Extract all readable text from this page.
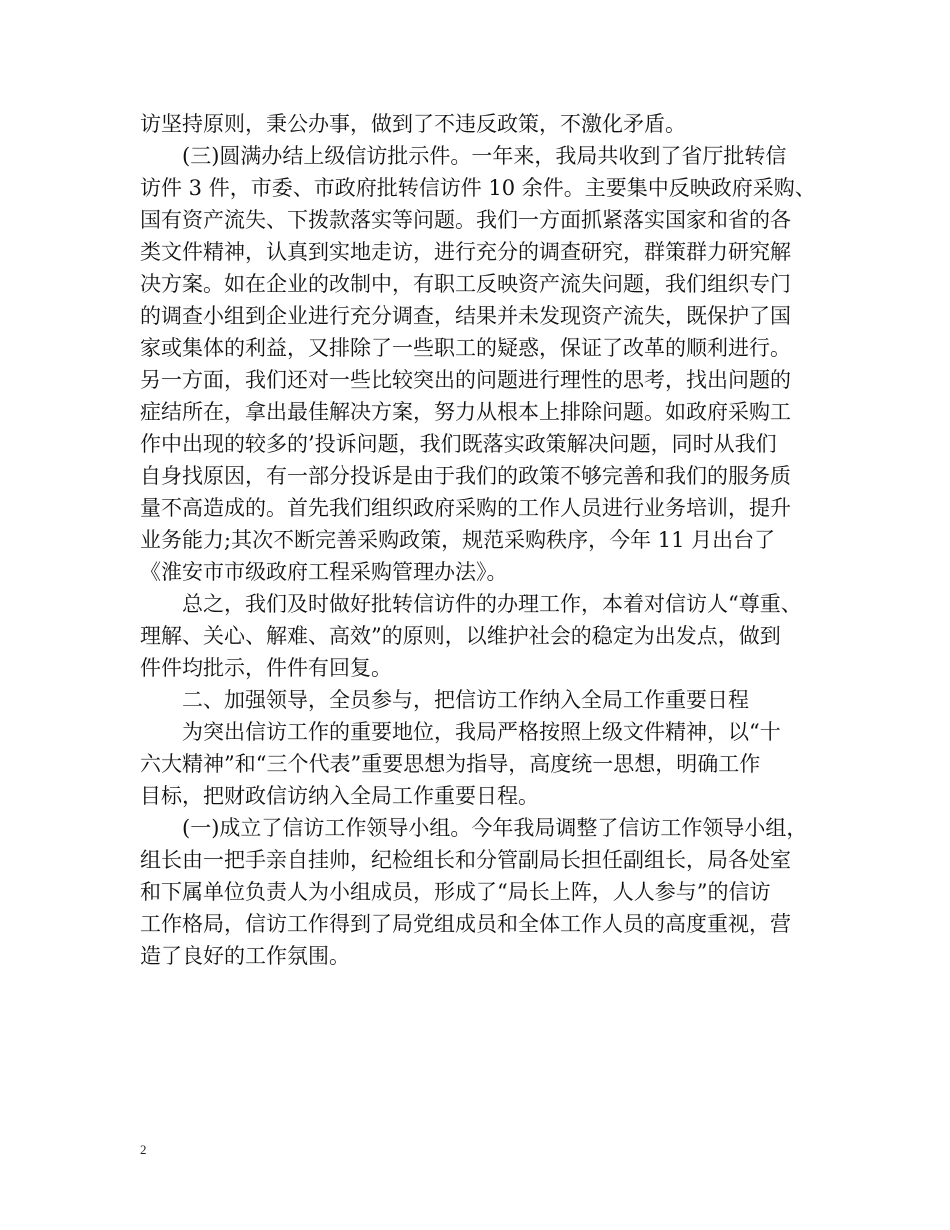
访坚持原则，秉公办事，做到了不违反政策，不激化矛盾。
(三)圆满办结上级信访批示件。一年来，我局共收到了省厅批转信
访件 3 件，市委、市政府批转信访件 10 余件。主要集中反映政府采购、
国有资产流失、下拨款落实等问题。我们一方面抓紧落实国家和省的各
类文件精神，认真到实地走访，进行充分的调查研究，群策群力研究解
决方案。如在企业的改制中，有职工反映资产流失问题，我们组织专门
的调查小组到企业进行充分调查，结果并未发现资产流失，既保护了国
家或集体的利益，又排除了一些职工的疑惑，保证了改革的顺利进行。
另一方面，我们还对一些比较突出的问题进行理性的思考，找出问题的
症结所在，拿出最佳解决方案，努力从根本上排除问题。如政府采购工
作中出现的较多的’投诉问题，我们既落实政策解决问题，同时从我们
自身找原因，有一部分投诉是由于我们的政策不够完善和我们的服务质
量不高造成的。首先我们组织政府采购的工作人员进行业务培训，提升
业务能力;其次不断完善采购政策，规范采购秩序，今年 11 月出台了
《淮安市市级政府工程采购管理办法》。
总之，我们及时做好批转信访件的办理工作，本着对信访人“尊重、
理解、关心、解难、高效”的原则，以维护社会的稳定为出发点，做到
件件均批示，件件有回复。
二、加强领导，全员参与，把信访工作纳入全局工作重要日程
为突出信访工作的重要地位，我局严格按照上级文件精神，以“十
六大精神”和“三个代表”重要思想为指导，高度统一思想，明确工作
目标，把财政信访纳入全局工作重要日程。
(一)成立了信访工作领导小组。今年我局调整了信访工作领导小组，
组长由一把手亲自挂帅，纪检组长和分管副局长担任副组长，局各处室
和下属单位负责人为小组成员，形成了“局长上阵，人人参与”的信访
工作格局，信访工作得到了局党组成员和全体工作人员的高度重视，营
造了良好的工作氛围。
2
